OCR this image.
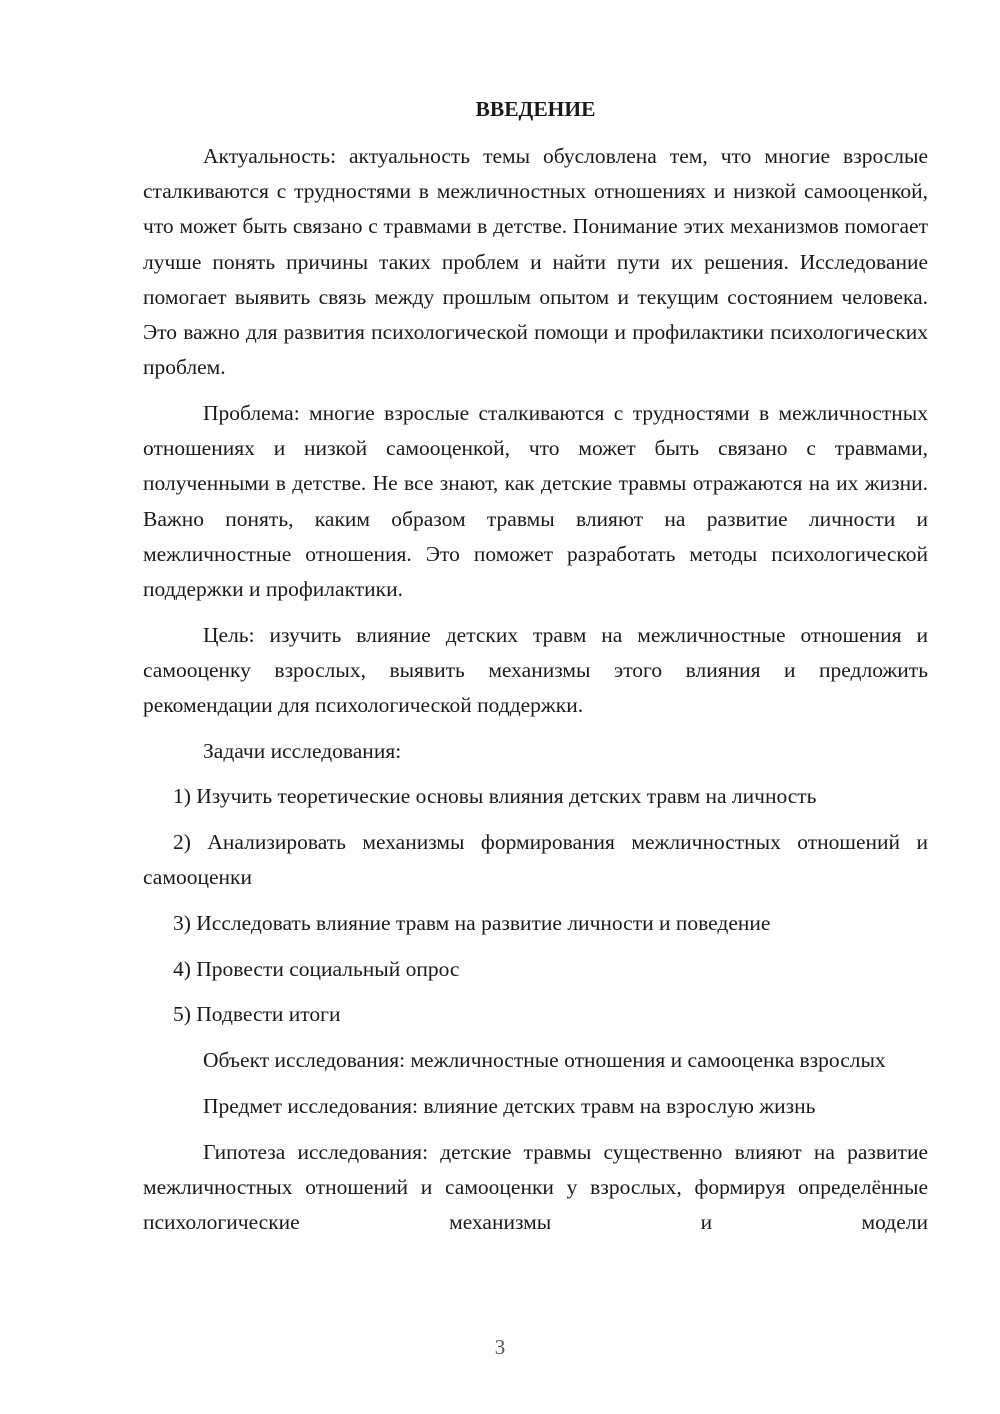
ВВЕДЕНИЕ

Актуальность: актуальность темы обусловлена тем, что многие взрослые сталкиваются с трудностями в межличностных отношениях и низкой самооценкой, что может быть связано с травмами в детстве. Понимание этих механизмов помогает лучше понять причины таких проблем и найти пути их решения. Исследование помогает выявить связь между прошлым опытом и текущим состоянием человека. Это важно для развития психологической помощи и профилактики психологических проблем.

Проблема: многие взрослые сталкиваются с трудностями в межличностных отношениях и низкой самооценкой, что может быть связано с травмами, полученными в детстве. Не все знают, как детские травмы отражаются на их жизни. Важно понять, каким образом травмы влияют на развитие личности и межличностные отношения. Это поможет разработать методы психологической поддержки и профилактики.

Цель: изучить влияние детских травм на межличностные отношения и самооценку взрослых, выявить механизмы этого влияния и предложить рекомендации для психологической поддержки.

Задачи исследования:

1) Изучить теоретические основы влияния детских травм на личность

2) Анализировать механизмы формирования межличностных отношений и самооценки

3) Исследовать влияние травм на развитие личности и поведение

4) Провести социальный опрос

5) Подвести итоги

Объект исследования: межличностные отношения и самооценка взрослых

Предмет исследования: влияние детских травм на взрослую жизнь

Гипотеза исследования: детские травмы существенно влияют на развитие межличностных отношений и самооценки у взрослых, формируя определённые психологические механизмы и модели

3
